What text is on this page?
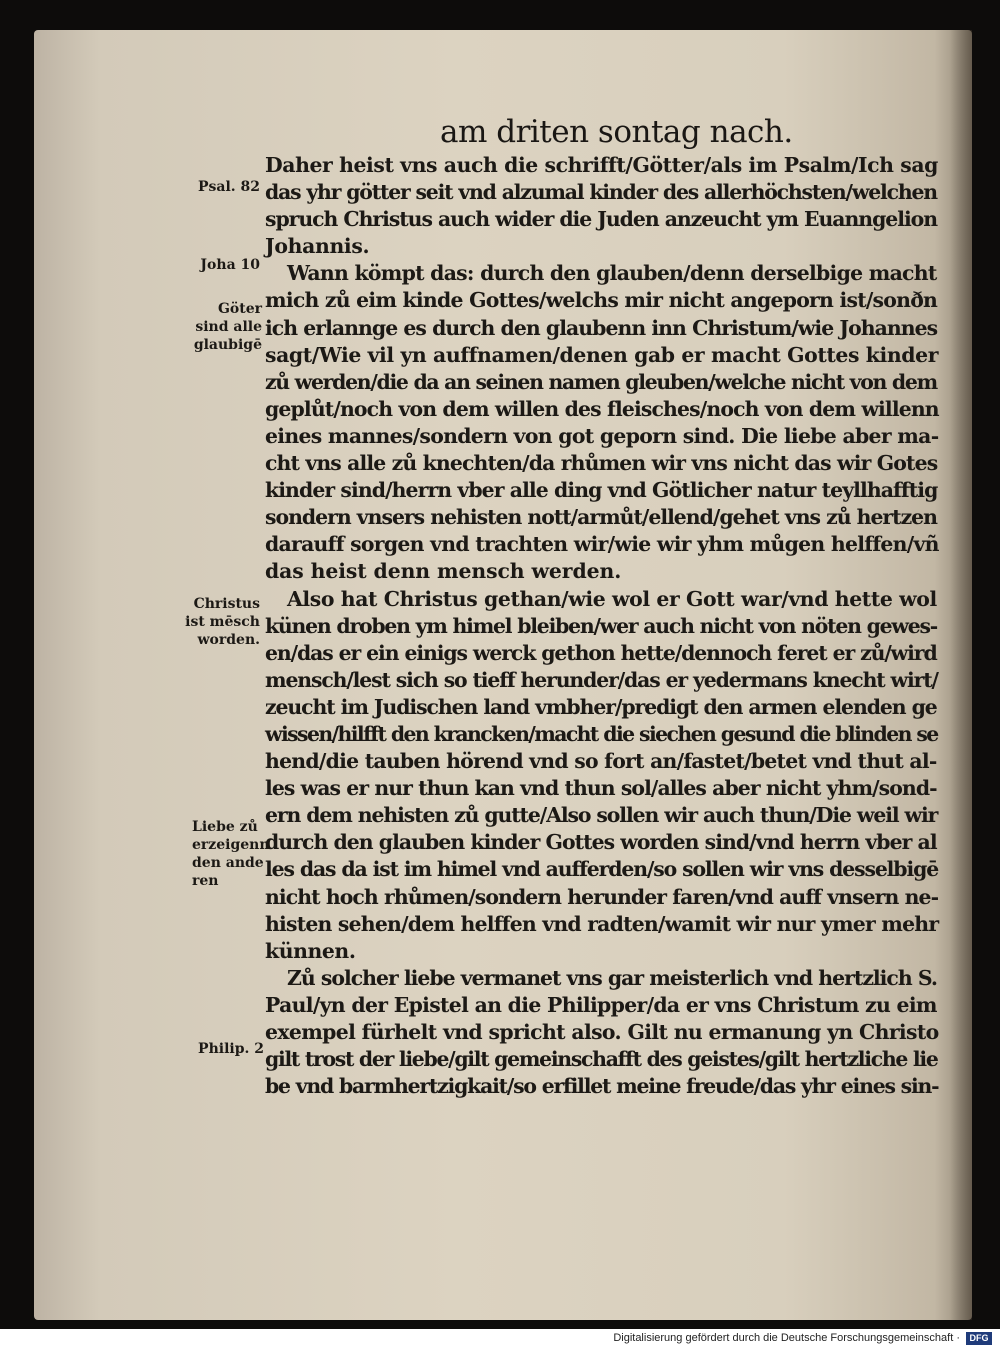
am driten sontag nach.
Daher heist vns auch die schrifft/Götter/als im Psalm/Ich sag
das yhr götter seit vnd alzumal kinder des allerhöchsten/welchen
spruch Christus auch wider die Juden anzeucht ym Euanngelion
Johannis.
Wann kömpt das: durch den glauben/denn derselbige macht
mich zů eim kinde Gottes/welchs mir nicht angeporn ist/sonðn
ich erlannge es durch den glaubenn inn Christum/wie Johannes
sagt/Wie vil yn auffnamen/denen gab er macht Gottes kinder
zů werden/die da an seinen namen gleuben/welche nicht von dem
geplůt/noch von dem willen des fleisches/noch von dem willenn
eines mannes/sondern von got geporn sind. Die liebe aber ma-
cht vns alle zů knechten/da rhůmen wir vns nicht das wir Gotes
kinder sind/herrn vber alle ding vnd Götlicher natur teyllhafftig
sondern vnsers nehisten nott/armůt/ellend/gehet vns zů hertzen
darauff sorgen vnd trachten wir/wie wir yhm můgen helffen/vñ
das heist denn mensch werden.
Also hat Christus gethan/wie wol er Gott war/vnd hette wol
künen droben ym himel bleiben/wer auch nicht von nöten gewes-
en/das er ein einigs werck gethon hette/dennoch feret er zů/wird
mensch/lest sich so tieff herunder/das er yedermans knecht wirt/
zeucht im Judischen land vmbher/predigt den armen elenden ge
wissen/hilfft den krancken/macht die siechen gesund die blinden se
hend/die tauben hörend vnd so fort an/fastet/betet vnd thut al-
les was er nur thun kan vnd thun sol/alles aber nicht yhm/sond-
ern dem nehisten zů gutte/Also sollen wir auch thun/Die weil wir
durch den glauben kinder Gottes worden sind/vnd herrn vber al
les das da ist im himel vnd aufferden/so sollen wir vns desselbigē
nicht hoch rhůmen/sondern herunder faren/vnd auff vnsern ne-
histen sehen/dem helffen vnd radten/wamit wir nur ymer mehr
künnen.
Zů solcher liebe vermanet vns gar meisterlich vnd hertzlich S.
Paul/yn der Epistel an die Philipper/da er vns Christum zu eim
exempel fürhelt vnd spricht also. Gilt nu ermanung yn Christo
gilt trost der liebe/gilt gemeinschafft des geistes/gilt hertzliche lie
be vnd barmhertzigkait/so erfillet meine freude/das yhr eines sin-
Psal. 82
Joha 10
Göter
sind alle
glaubigē
Christus
ist mēsch
worden.
Liebe zů
erzeigenn
den ande
ren
Philip. 2
Digitalisierung gefördert durch die Deutsche Forschungsgemeinschaft ·	DFG
